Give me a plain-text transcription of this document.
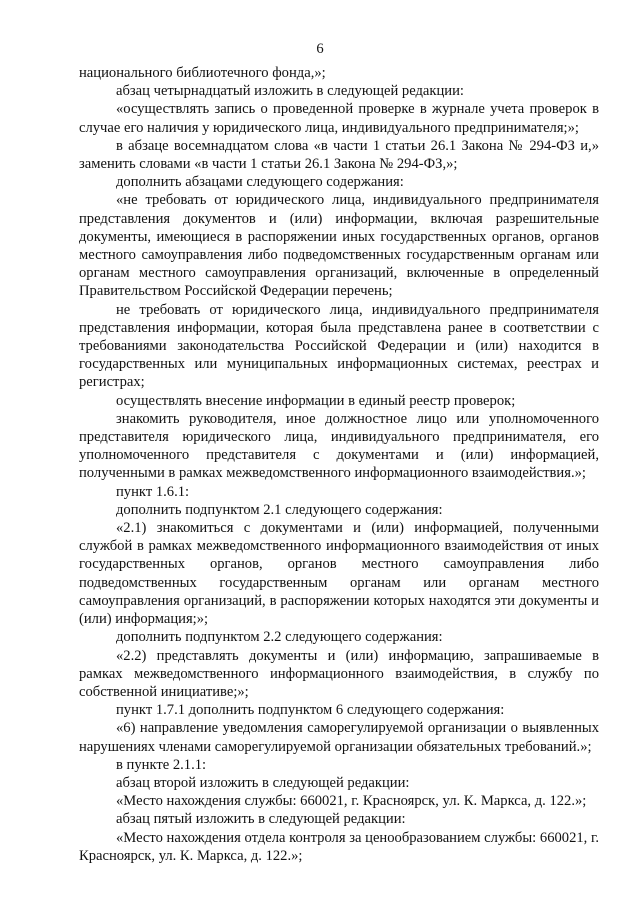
6

национального библиотечного фонда,»;

абзац четырнадцатый изложить в следующей редакции:

«осуществлять запись о проведенной проверке в журнале учета проверок в случае его наличия у юридического лица, индивидуального предпринимателя;»;

в абзаце восемнадцатом слова «в части 1 статьи 26.1 Закона № 294-ФЗ и,» заменить словами «в части 1 статьи 26.1 Закона № 294-ФЗ,»;

дополнить абзацами следующего содержания:

«не требовать от юридического лица, индивидуального предпринимателя представления документов и (или) информации, включая разрешительные документы, имеющиеся в распоряжении иных государственных органов, органов местного самоуправления либо подведомственных государственным органам или органам местного самоуправления организаций, включенные в определенный Правительством Российской Федерации перечень;

не требовать от юридического лица, индивидуального предпринимателя представления информации, которая была представлена ранее в соответствии с требованиями законодательства Российской Федерации и (или) находится в государственных или муниципальных информационных системах, реестрах и регистрах;

осуществлять внесение информации в единый реестр проверок;

знакомить руководителя, иное должностное лицо или уполномоченного представителя юридического лица, индивидуального предпринимателя, его уполномоченного представителя с документами и (или) информацией, полученными в рамках межведомственного информационного взаимодействия.»;

пункт 1.6.1:

дополнить подпунктом 2.1 следующего содержания:

«2.1) знакомиться с документами и (или) информацией, полученными службой в рамках межведомственного информационного взаимодействия от иных государственных органов, органов местного самоуправления либо подведомственных государственным органам или органам местного самоуправления организаций, в распоряжении которых находятся эти документы и (или) информация;»;

дополнить подпунктом 2.2 следующего содержания:

«2.2) представлять документы и (или) информацию, запрашиваемые в рамках межведомственного информационного взаимодействия, в службу по собственной инициативе;»;

пункт 1.7.1 дополнить подпунктом 6 следующего содержания:

«6) направление уведомления саморегулируемой организации о выявленных нарушениях членами саморегулируемой организации обязательных требований.»;

в пункте 2.1.1:

абзац второй изложить в следующей редакции:

«Место нахождения службы: 660021, г. Красноярск, ул. К. Маркса, д. 122.»;

абзац пятый изложить в следующей редакции:

«Место нахождения отдела контроля за ценообразованием службы: 660021, г. Красноярск, ул. К. Маркса, д. 122.»;
